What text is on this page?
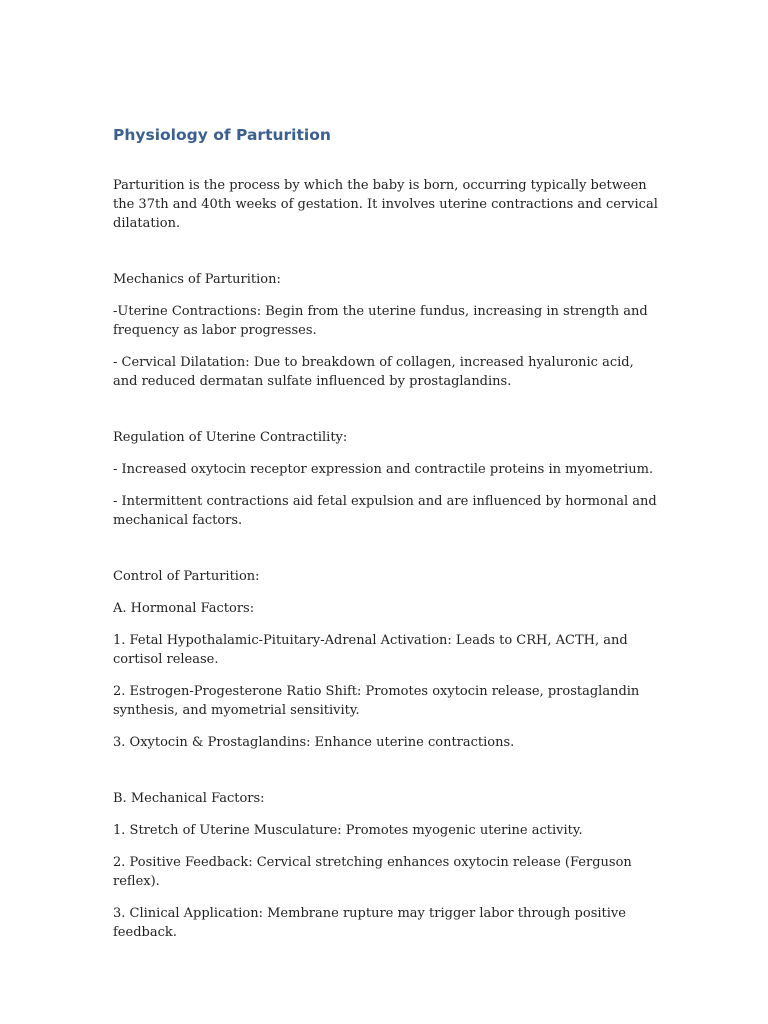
Physiology of Parturition

Parturition is the process by which the baby is born, occurring typically between the 37th and 40th weeks of gestation. It involves uterine contractions and cervical dilatation.

Mechanics of Parturition:

-Uterine Contractions: Begin from the uterine fundus, increasing in strength and frequency as labor progresses.

- Cervical Dilatation: Due to breakdown of collagen, increased hyaluronic acid, and reduced dermatan sulfate influenced by prostaglandins.

Regulation of Uterine Contractility:

- Increased oxytocin receptor expression and contractile proteins in myometrium.

- Intermittent contractions aid fetal expulsion and are influenced by hormonal and mechanical factors.

Control of Parturition:

A. Hormonal Factors:

1. Fetal Hypothalamic-Pituitary-Adrenal Activation: Leads to CRH, ACTH, and cortisol release.

2. Estrogen-Progesterone Ratio Shift: Promotes oxytocin release, prostaglandin synthesis, and myometrial sensitivity.

3. Oxytocin & Prostaglandins: Enhance uterine contractions.

B. Mechanical Factors:

1. Stretch of Uterine Musculature: Promotes myogenic uterine activity.

2. Positive Feedback: Cervical stretching enhances oxytocin release (Ferguson reflex).

3. Clinical Application: Membrane rupture may trigger labor through positive feedback.
